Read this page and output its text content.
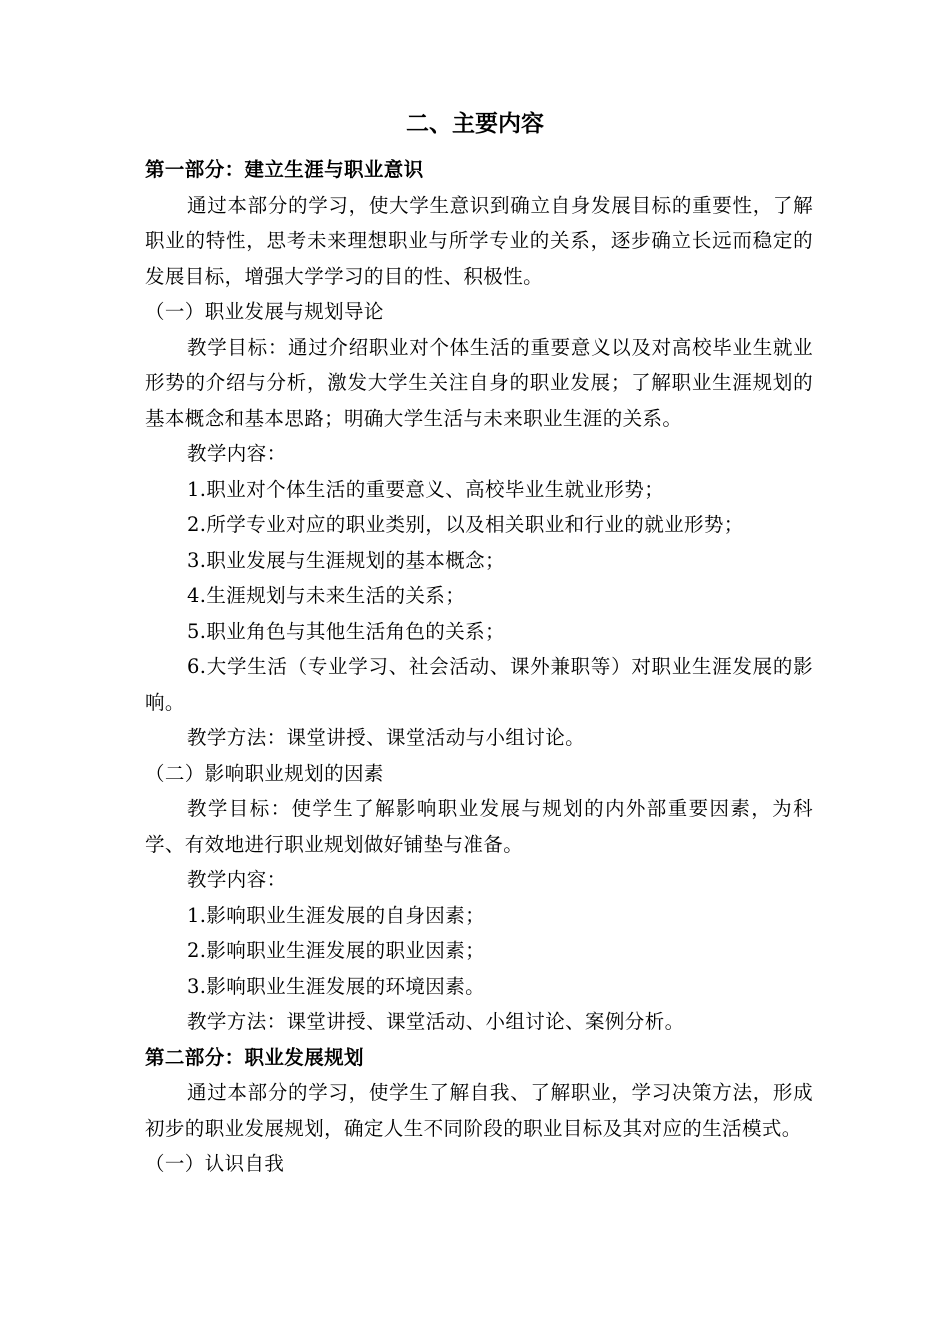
二、主要内容

第一部分：建立生涯与职业意识

通过本部分的学习，使大学生意识到确立自身发展目标的重要性，了解职业的特性，思考未来理想职业与所学专业的关系，逐步确立长远而稳定的发展目标，增强大学学习的目的性、积极性。

（一）职业发展与规划导论

教学目标：通过介绍职业对个体生活的重要意义以及对高校毕业生就业形势的介绍与分析，激发大学生关注自身的职业发展；了解职业生涯规划的基本概念和基本思路；明确大学生活与未来职业生涯的关系。

教学内容：

1.职业对个体生活的重要意义、高校毕业生就业形势；

2.所学专业对应的职业类别，以及相关职业和行业的就业形势；

3.职业发展与生涯规划的基本概念；

4.生涯规划与未来生活的关系；

5.职业角色与其他生活角色的关系；

6.大学生活（专业学习、社会活动、课外兼职等）对职业生涯发展的影响。

教学方法：课堂讲授、课堂活动与小组讨论。

（二）影响职业规划的因素

教学目标：使学生了解影响职业发展与规划的内外部重要因素，为科学、有效地进行职业规划做好铺垫与准备。

教学内容：

1.影响职业生涯发展的自身因素；

2.影响职业生涯发展的职业因素；

3.影响职业生涯发展的环境因素。

教学方法：课堂讲授、课堂活动、小组讨论、案例分析。

第二部分：职业发展规划

通过本部分的学习，使学生了解自我、了解职业，学习决策方法，形成初步的职业发展规划，确定人生不同阶段的职业目标及其对应的生活模式。

（一）认识自我
